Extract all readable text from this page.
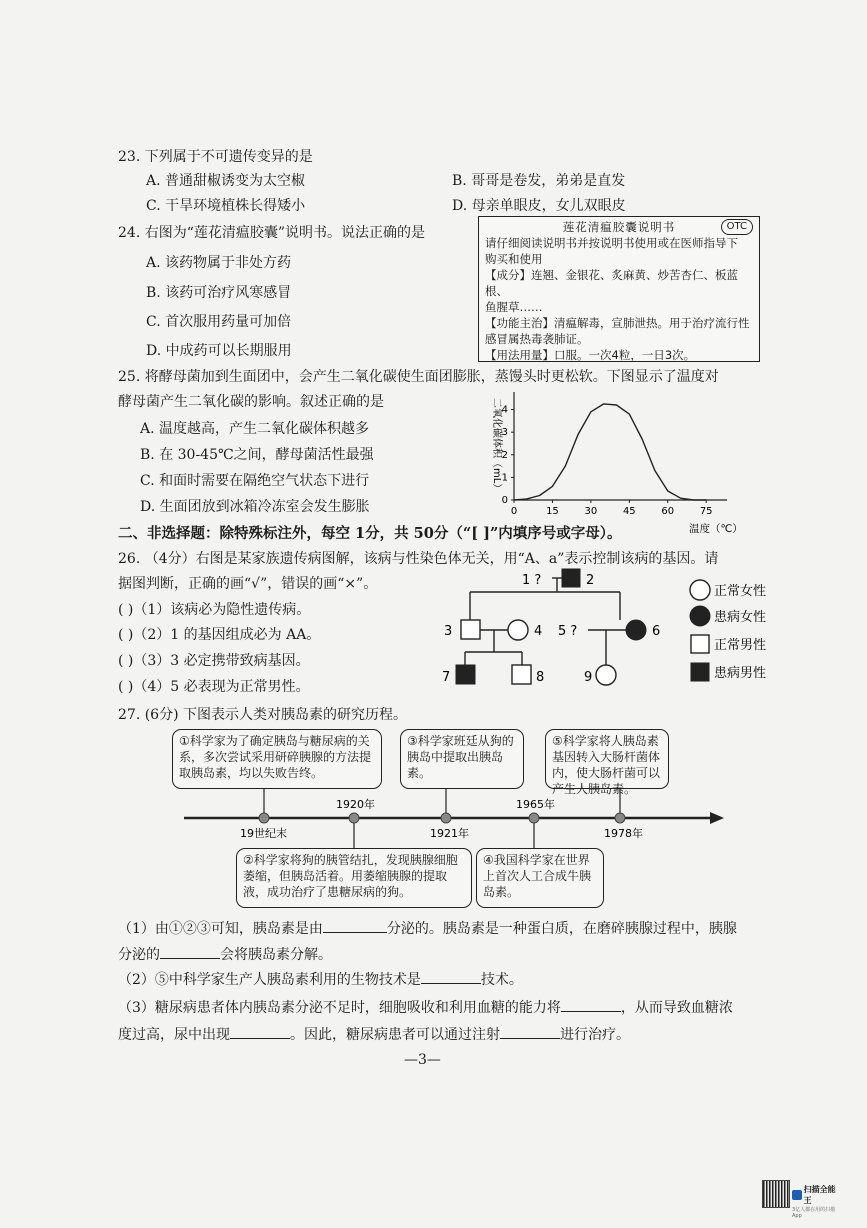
23. 下列属于不可遗传变异的是
A. 普通甜椒诱变为太空椒	B. 哥哥是卷发，弟弟是直发
C. 干旱环境植株长得矮小	D. 母亲单眼皮，女儿双眼皮
24. 右图为“莲花清瘟胶囊”说明书。说法正确的是
A. 该药物属于非处方药
B. 该药可治疗风寒感冒
C. 首次服用药量可加倍
D. 中成药可以长期服用
莲花清瘟胶囊说明书	OTC
请仔细阅读说明书并按说明书使用或在医师指导下
购买和使用
【成分】连翘、金银花、炙麻黄、炒苦杏仁、板蓝根、
鱼腥草……
【功能主治】清瘟解毒，宣肺泄热。用于治疗流行性
感冒属热毒袭肺证。
【用法用量】口服。一次4粒，一日3次。
25. 将酵母菌加到生面团中，会产生二氧化碳使生面团膨胀，蒸馒头时更松软。下图显示了温度对
酵母菌产生二氧化碳的影响。叙述正确的是
A. 温度越高，产生二氧化碳体积越多
B. 在 30-45℃之间，酵母菌活性最强
C. 和面时需要在隔绝空气状态下进行
D. 生面团放到冰箱冷冻室会发生膨胀	0	15	30	45	60	75
0
1
2
3
4
温度（℃）
二氧化碳体积（mL）
二、非选择题：除特殊标注外，每空 1分，共 50分（“[ ]”内填序号或字母）。
26. （4分）右图是某家族遗传病图解，该病与性染色体无关，用“A、a”表示控制该病的基因。请
据图判断，正确的画“√”，错误的画“×”。
( )（1）该病必为隐性遗传病。
( )（2）1 的基因组成必为 AA。
( )（3）3 必定携带致病基因。
( )（4）5 必表现为正常男性。
1 ?	2
3	4 5 ?	6
7	8	9
正常女性
患病女性
正常男性
患病男性
27. (6分) 下图表示人类对胰岛素的研究历程。
19世纪末
1920年
1921年
1965年
1978年
①科学家为了确定胰岛与糖尿病的关系，多次尝试采用研碎胰腺的方法提取胰岛素，均以失败告终。
③科学家班廷从狗的胰岛中提取出胰岛素。
⑤科学家将人胰岛素基因转入大肠杆菌体内，使大肠杆菌可以产生人胰岛素。
②科学家将狗的胰管结扎，发现胰腺细胞萎缩，但胰岛活着。用萎缩胰腺的提取液，成功治疗了患糖尿病的狗。
④我国科学家在世界上首次人工合成牛胰岛素。
（1）由①②③可知，胰岛素是由	分泌的。胰岛素是一种蛋白质，在磨碎胰腺过程中，胰腺
分泌的	会将胰岛素分解。
（2）⑤中科学家生产人胰岛素利用的生物技术是	技术。
（3）糖尿病患者体内胰岛素分泌不足时，细胞吸收和利用血糖的能力将	，从而导致血糖浓
度过高，尿中出现	。因此，糖尿病患者可以通过注射	进行治疗。
—3—
扫描全能王
3亿人都在用的扫描App
